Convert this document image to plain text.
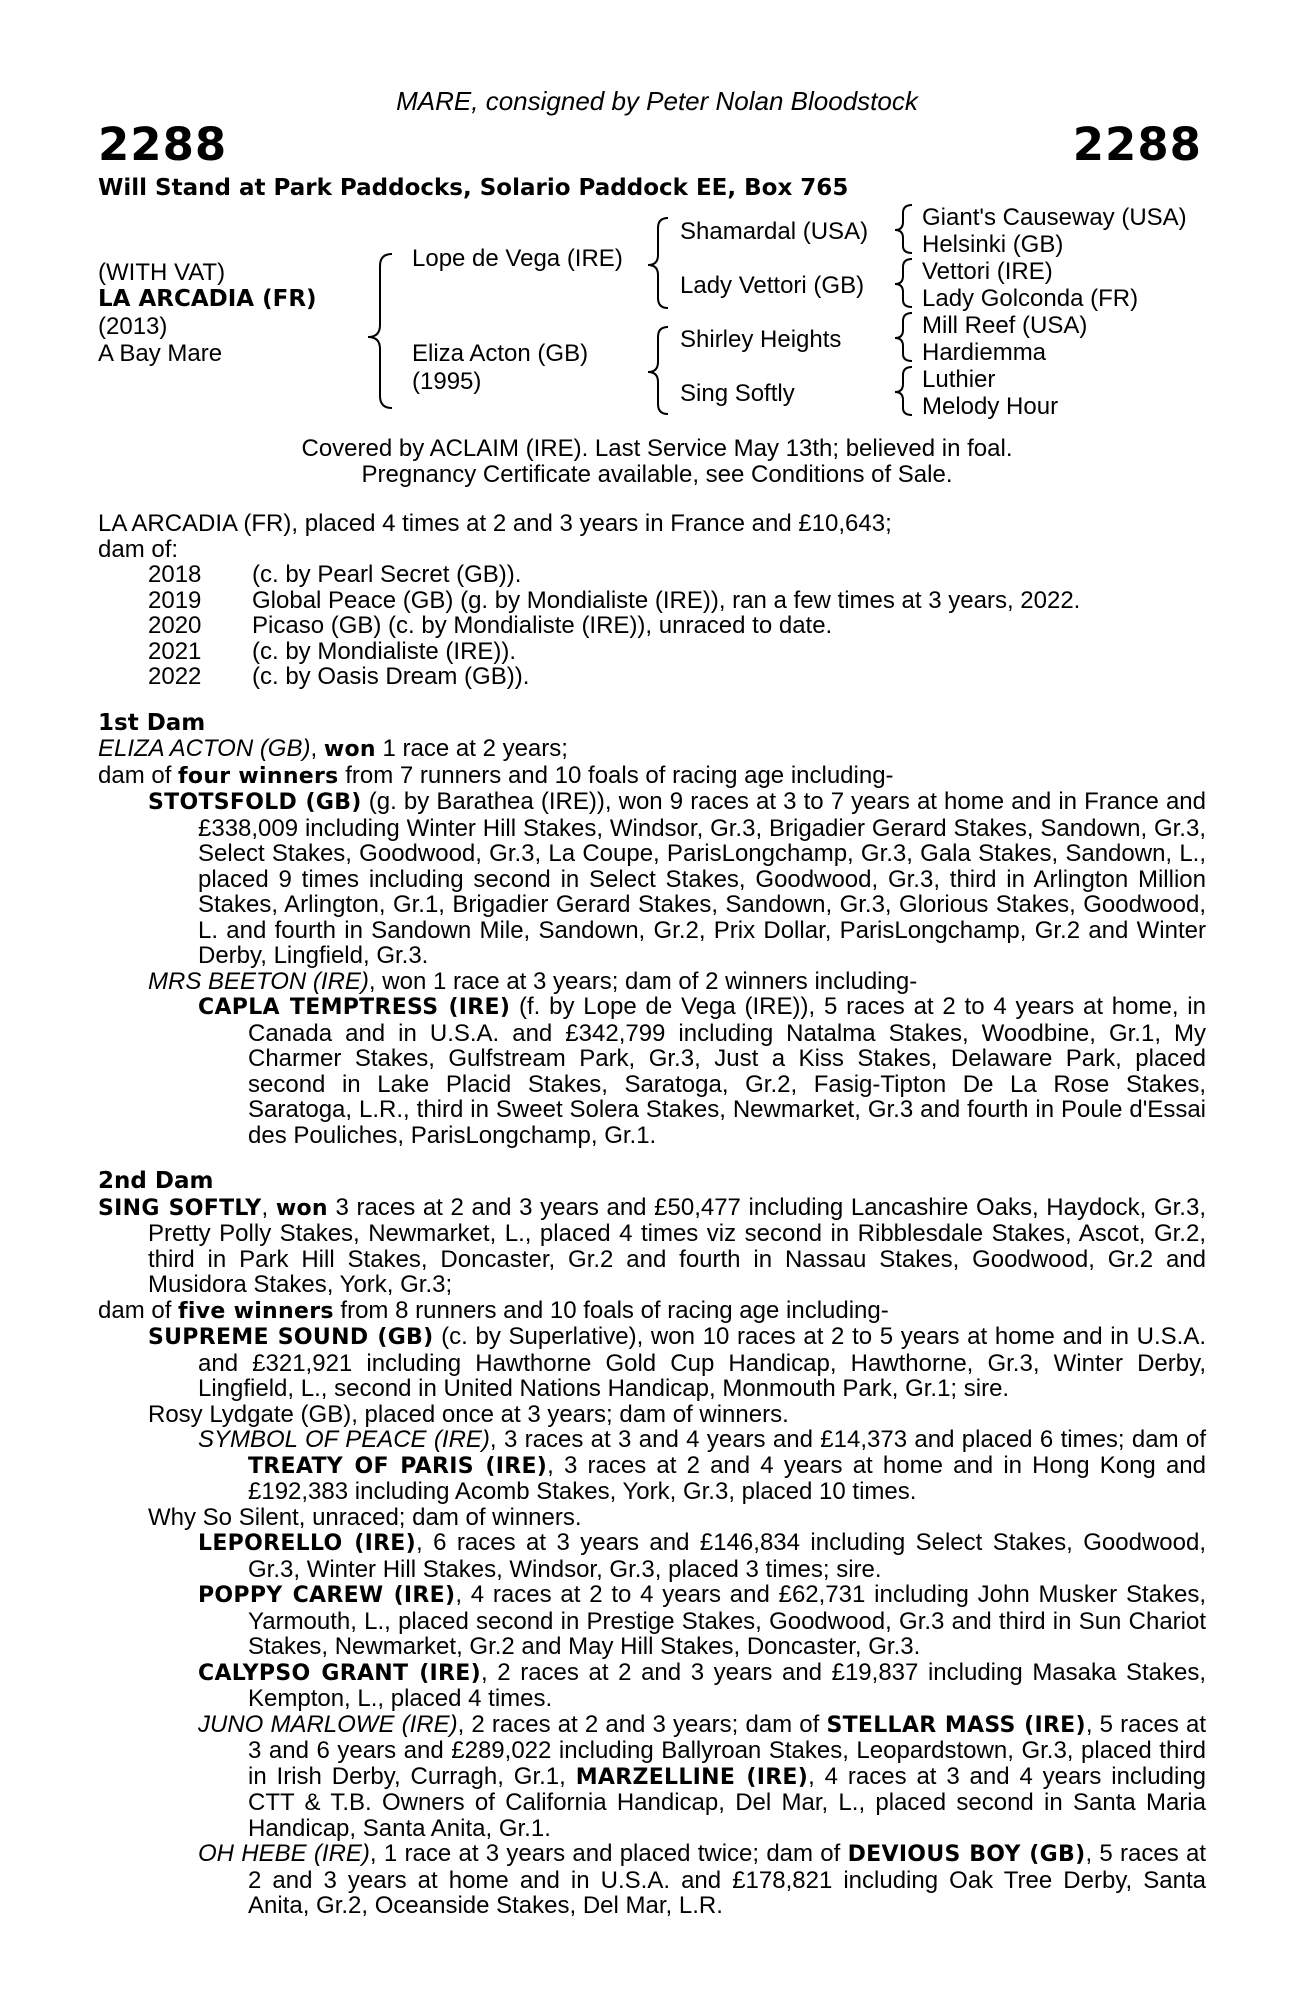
MARE, consigned by Peter Nolan Bloodstock
2288	2288
Will Stand at Park Paddocks, Solario Paddock EE, Box 765
(WITH VAT)
LA ARCADIA (FR)
(2013)
A Bay Mare
Lope de Vega (IRE)
Eliza Acton (GB)
(1995)
Shamardal (USA)
Lady Vettori (GB)
Shirley Heights
Sing Softly
Giant's Causeway (USA)
Helsinki (GB)
Vettori (IRE)
Lady Golconda (FR)
Mill Reef (USA)
Hardiemma
Luthier
Melody Hour
Covered by ACLAIM (IRE). Last Service May 13th; believed in foal.
Pregnancy Certificate available, see Conditions of Sale.

LA ARCADIA (FR), placed 4 times at 2 and 3 years in France and £10,643;

dam of:

2018	(c. by Pearl Secret (GB)).
2019	Global Peace (GB) (g. by Mondialiste (IRE)), ran a few times at 3 years, 2022.
2020	Picaso (GB) (c. by Mondialiste (IRE)), unraced to date.
2021	(c. by Mondialiste (IRE)).
2022	(c. by Oasis Dream (GB)).

1st Dam

ELIZA ACTON (GB), won 1 race at 2 years;

dam of four winners from 7 runners and 10 foals of racing age including-

STOTSFOLD (GB) (g. by Barathea (IRE)), won 9 races at 3 to 7 years at home and in France and £338,009 including Winter Hill Stakes, Windsor, Gr.3, Brigadier Gerard Stakes, Sandown, Gr.3, Select Stakes, Goodwood, Gr.3, La Coupe, ParisLongchamp, Gr.3, Gala Stakes, Sandown, L., placed 9 times including second in Select Stakes, Goodwood, Gr.3, third in Arlington Million Stakes, Arlington, Gr.1, Brigadier Gerard Stakes, Sandown, Gr.3, Glorious Stakes, Goodwood, L. and fourth in Sandown Mile, Sandown, Gr.2, Prix Dollar, ParisLongchamp, Gr.2 and Winter Derby, Lingfield, Gr.3.

MRS BEETON (IRE), won 1 race at 3 years; dam of 2 winners including-

CAPLA TEMPTRESS (IRE) (f. by Lope de Vega (IRE)), 5 races at 2 to 4 years at home, in Canada and in U.S.A. and £342,799 including Natalma Stakes, Woodbine, Gr.1, My Charmer Stakes, Gulfstream Park, Gr.3, Just a Kiss Stakes, Delaware Park, placed second in Lake Placid Stakes, Saratoga, Gr.2, Fasig-Tipton De La Rose Stakes, Saratoga, L.R., third in Sweet Solera Stakes, Newmarket, Gr.3 and fourth in Poule d'Essai des Pouliches, ParisLongchamp, Gr.1.

2nd Dam

SING SOFTLY, won 3 races at 2 and 3 years and £50,477 including Lancashire Oaks, Haydock, Gr.3, Pretty Polly Stakes, Newmarket, L., placed 4 times viz second in Ribblesdale Stakes, Ascot, Gr.2, third in Park Hill Stakes, Doncaster, Gr.2 and fourth in Nassau Stakes, Goodwood, Gr.2 and Musidora Stakes, York, Gr.3;

dam of five winners from 8 runners and 10 foals of racing age including-

SUPREME SOUND (GB) (c. by Superlative), won 10 races at 2 to 5 years at home and in U.S.A. and £321,921 including Hawthorne Gold Cup Handicap, Hawthorne, Gr.3, Winter Derby, Lingfield, L., second in United Nations Handicap, Monmouth Park, Gr.1; sire.

Rosy Lydgate (GB), placed once at 3 years; dam of winners.

SYMBOL OF PEACE (IRE), 3 races at 3 and 4 years and £14,373 and placed 6 times; dam of TREATY OF PARIS (IRE), 3 races at 2 and 4 years at home and in Hong Kong and £192,383 including Acomb Stakes, York, Gr.3, placed 10 times.

Why So Silent, unraced; dam of winners.

LEPORELLO (IRE), 6 races at 3 years and £146,834 including Select Stakes, Goodwood, Gr.3, Winter Hill Stakes, Windsor, Gr.3, placed 3 times; sire.

POPPY CAREW (IRE), 4 races at 2 to 4 years and £62,731 including John Musker Stakes, Yarmouth, L., placed second in Prestige Stakes, Goodwood, Gr.3 and third in Sun Chariot Stakes, Newmarket, Gr.2 and May Hill Stakes, Doncaster, Gr.3.

CALYPSO GRANT (IRE), 2 races at 2 and 3 years and £19,837 including Masaka Stakes, Kempton, L., placed 4 times.

JUNO MARLOWE (IRE), 2 races at 2 and 3 years; dam of STELLAR MASS (IRE), 5 races at 3 and 6 years and £289,022 including Ballyroan Stakes, Leopardstown, Gr.3, placed third in Irish Derby, Curragh, Gr.1, MARZELLINE (IRE), 4 races at 3 and 4 years including CTT & T.B. Owners of California Handicap, Del Mar, L., placed second in Santa Maria Handicap, Santa Anita, Gr.1.

OH HEBE (IRE), 1 race at 3 years and placed twice; dam of DEVIOUS BOY (GB), 5 races at 2 and 3 years at home and in U.S.A. and £178,821 including Oak Tree Derby, Santa Anita, Gr.2, Oceanside Stakes, Del Mar, L.R.
